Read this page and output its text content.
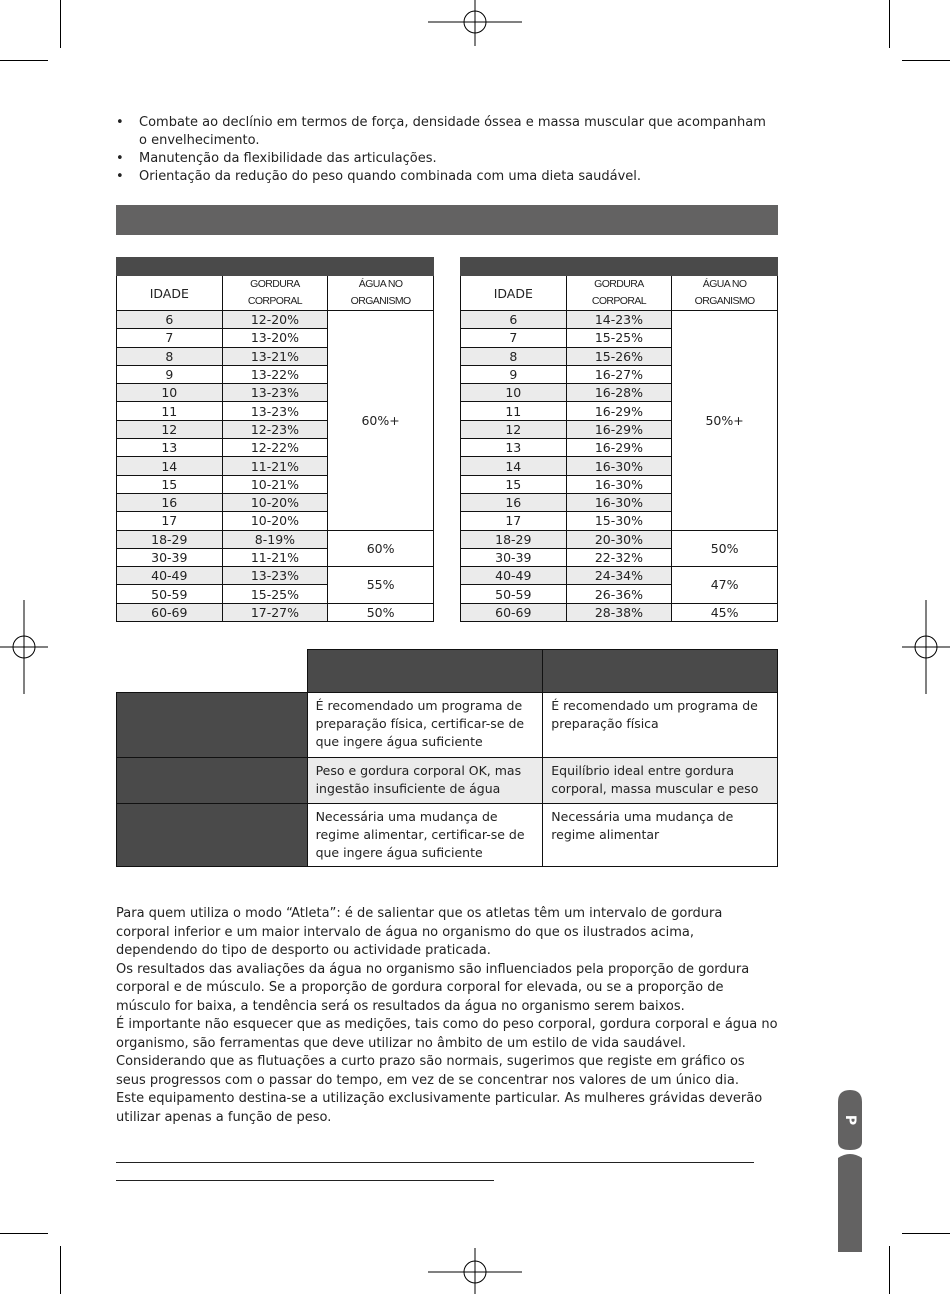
• Combate ao declínio em termos de força, densidade óssea e massa muscular que acompanham o envelhecimento.
• Manutenção da flexibilidade das articulações.
• Orientação da redução do peso quando combinada com uma dieta saudável.

IDADE	GORDURA CORPORAL	ÁGUA NO ORGANISMO
6	12-20%	60%+
7	13-20%	
8	13-21%	
9	13-22%	
10	13-23%	
11	13-23%	
12	12-23%	
13	12-22%	
14	11-21%	
15	10-21%	
16	10-20%	
17	10-20%	
18-29	8-19%	60%
30-39	11-21%	
40-49	13-23%	55%
50-59	15-25%	
60-69	17-27%	50%

IDADE	GORDURA CORPORAL	ÁGUA NO ORGANISMO
6	14-23%	50%+
7	15-25%	
8	15-26%	
9	16-27%	
10	16-28%	
11	16-29%	
12	16-29%	
13	16-29%	
14	16-30%	
15	16-30%	
16	16-30%	
17	15-30%	
18-29	20-30%	50%
30-39	22-32%	
40-49	24-34%	47%
50-59	26-36%	
60-69	28-38%	45%

	É recomendado um programa de preparação física, certificar-se de que ingere água suficiente	É recomendado um programa de preparação física
	Peso e gordura corporal OK, mas ingestão insuficiente de água	Equilíbrio ideal entre gordura corporal, massa muscular e peso
	Necessária uma mudança de regime alimentar, certificar-se de que ingere água suficiente	Necessária uma mudança de regime alimentar

Para quem utiliza o modo “Atleta”: é de salientar que os atletas têm um intervalo de gordura corporal inferior e um maior intervalo de água no organismo do que os ilustrados acima, dependendo do tipo de desporto ou actividade praticada.

Os resultados das avaliações da água no organismo são influenciados pela proporção de gordura corporal e de músculo. Se a proporção de gordura corporal for elevada, ou se a proporção de músculo for baixa, a tendência será os resultados da água no organismo serem baixos.

É importante não esquecer que as medições, tais como do peso corporal, gordura corporal e água no organismo, são ferramentas que deve utilizar no âmbito de um estilo de vida saudável. Considerando que as flutuações a curto prazo são normais, sugerimos que registe em gráfico os seus progressos com o passar do tempo, em vez de se concentrar nos valores de um único dia.

Este equipamento destina-se a utilização exclusivamente particular. As mulheres grávidas deverão utilizar apenas a função de peso.	P
